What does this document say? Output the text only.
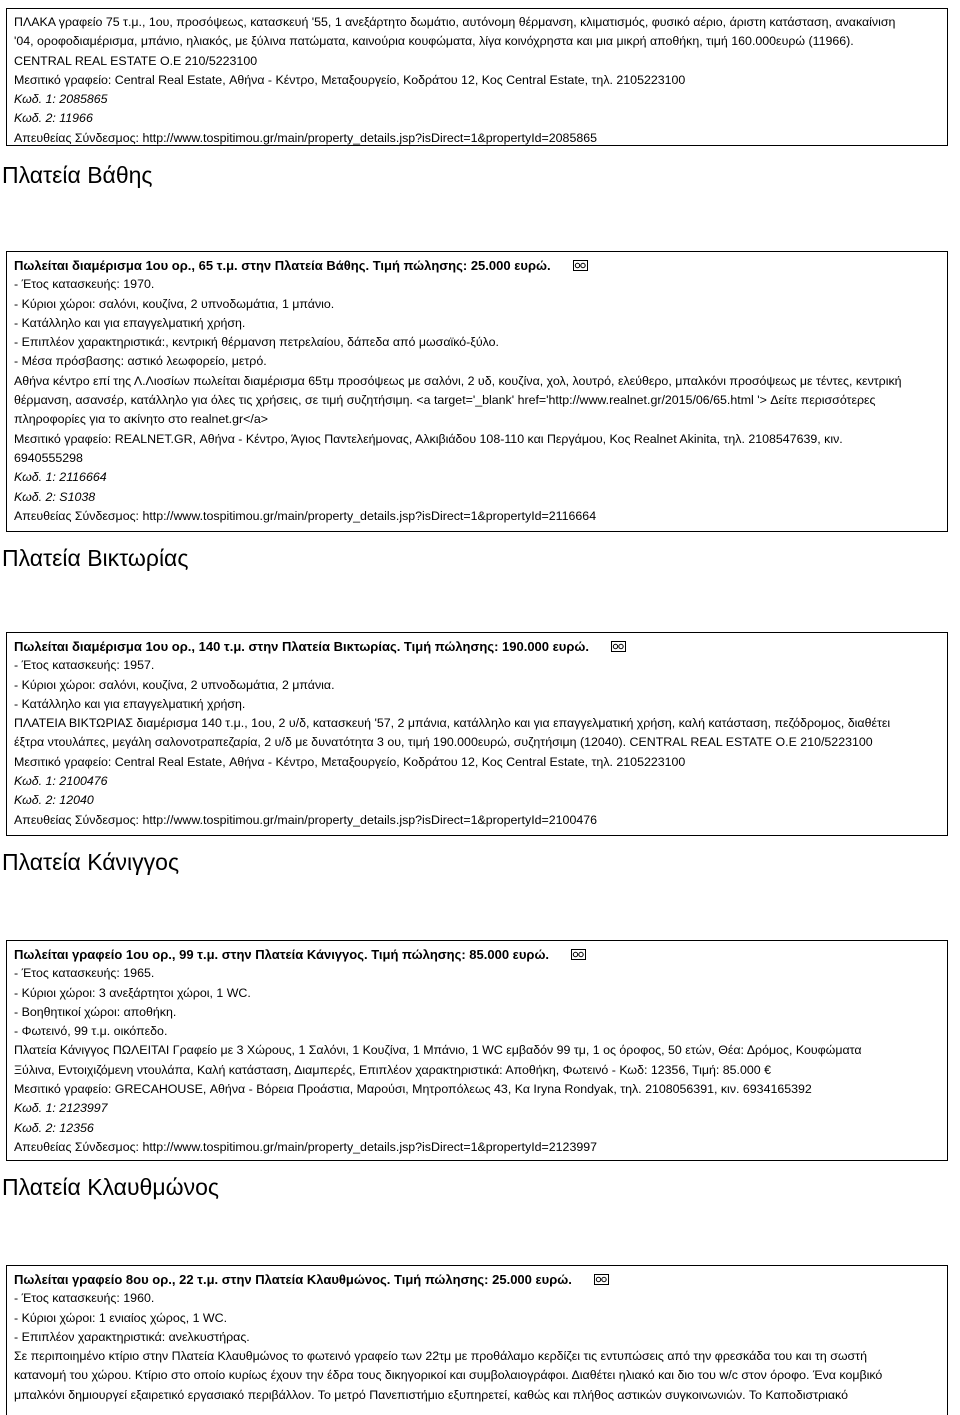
ΠΛΑΚΑ γραφείο 75 τ.μ., 1ου, προσόψεως, κατασκευή '55, 1 ανεξάρτητο δωμάτιο, αυτόνομη θέρμανση, κλιματισμός, φυσικό αέριο, άριστη κατάσταση, ανακαίνιση
'04, οροφοδιαμέρισμα, μπάνιο, ηλιακός, με ξύλινα πατώματα, καινούρια κουφώματα, λίγα κοινόχρηστα και μια μικρή αποθήκη, τιμή 160.000ευρώ (11966).
CENTRAL REAL ESTATE O.E 210/5223100
Μεσιτικό γραφείο: Central Real Estate, Αθήνα - Κέντρο, Μεταξουργείο, Κοδράτου 12, Κος Central Estate, τηλ. 2105223100
Κωδ. 1: 2085865
Κωδ. 2: 11966
Απευθείας Σύνδεσμος: http://www.tospitimou.gr/main/property_details.jsp?isDirect=1&propertyId=2085865
Πλατεία Βάθης
Πωλείται διαμέρισμα 1ου ορ., 65 τ.μ. στην Πλατεία Βάθης. Τιμή πώλησης: 25.000 ευρώ.
- Έτος κατασκευής: 1970.
- Κύριοι χώροι: σαλόνι, κουζίνα, 2 υπνοδωμάτια, 1 μπάνιο.
- Κατάλληλο και για επαγγελματική χρήση.
- Επιπλέον χαρακτηριστικά:, κεντρική θέρμανση πετρελαίου, δάπεδα από μωσαϊκό-ξύλο.
- Μέσα πρόσβασης: αστικό λεωφορείο, μετρό.
Αθήνα κέντρο επί της Λ.Λιοσίων πωλείται διαμέρισμα 65τμ προσόψεως με σαλόνι, 2 υδ, κουζίνα, χολ, λουτρό, ελεύθερο, μπαλκόνι προσόψεως με τέντες, κεντρική
θέρμανση, ασανσέρ, κατάλληλο για όλες τις χρήσεις, σε τιμή συζητήσιμη. <a target='_blank' href='http://www.realnet.gr/2015/06/65.html '> Δείτε περισσότερες
πληροφορίες για το ακίνητο στο realnet.gr</a>
Μεσιτικό γραφείο: REALNET.GR, Αθήνα - Κέντρο, Άγιος Παντελεήμονας, Αλκιβιάδου 108-110 και Περγάμου, Κος Realnet Akinita, τηλ. 2108547639, κιν.
6940555298
Κωδ. 1: 2116664
Κωδ. 2: S1038
Απευθείας Σύνδεσμος: http://www.tospitimou.gr/main/property_details.jsp?isDirect=1&propertyId=2116664
Πλατεία Βικτωρίας
Πωλείται διαμέρισμα 1ου ορ., 140 τ.μ. στην Πλατεία Βικτωρίας. Τιμή πώλησης: 190.000 ευρώ.
- Έτος κατασκευής: 1957.
- Κύριοι χώροι: σαλόνι, κουζίνα, 2 υπνοδωμάτια, 2 μπάνια.
- Κατάλληλο και για επαγγελματική χρήση.
ΠΛΑΤΕΙΑ ΒΙΚΤΩΡΙΑΣ διαμέρισμα 140 τ.μ., 1ου, 2 υ/δ, κατασκευή '57, 2 μπάνια, κατάλληλο και για επαγγελματική χρήση, καλή κατάσταση, πεζόδρομος, διαθέτει
έξτρα ντουλάπες, μεγάλη σαλονοτραπεζαρία, 2 υ/δ με δυνατότητα 3 ου, τιμή 190.000ευρώ, συζητήσιμη (12040). CENTRAL REAL ESTATE O.E 210/5223100
Μεσιτικό γραφείο: Central Real Estate, Αθήνα - Κέντρο, Μεταξουργείο, Κοδράτου 12, Κος Central Estate, τηλ. 2105223100
Κωδ. 1: 2100476
Κωδ. 2: 12040
Απευθείας Σύνδεσμος: http://www.tospitimou.gr/main/property_details.jsp?isDirect=1&propertyId=2100476
Πλατεία Κάνιγγος
Πωλείται γραφείο 1ου ορ., 99 τ.μ. στην Πλατεία Κάνιγγος. Τιμή πώλησης: 85.000 ευρώ.
- Έτος κατασκευής: 1965.
- Κύριοι χώροι: 3 ανεξάρτητοι χώροι, 1 WC.
- Βοηθητικοί χώροι: αποθήκη.
- Φωτεινό, 99 τ.μ. οικόπεδο.
Πλατεία Κάνιγγος ΠΩΛΕΙΤΑΙ Γραφείο με 3 Χώρους, 1 Σαλόνι, 1 Κουζίνα, 1 Μπάνιο, 1 WC εμβαδόν 99 τμ, 1 ος όροφος, 50 ετών, Θέα: Δρόμος, Κουφώματα
Ξύλινα, Εντοιχιζόμενη ντουλάπα, Καλή κατάσταση, Διαμπερές, Επιπλέον χαρακτηριστικά: Αποθήκη, Φωτεινό - Κωδ: 12356, Τιμή: 85.000 €
Μεσιτικό γραφείο: GRECAHOUSE, Αθήνα - Βόρεια Προάστια, Μαρούσι, Μητροπόλεως 43, Κα Iryna Rondyak, τηλ. 2108056391, κιν. 6934165392
Κωδ. 1: 2123997
Κωδ. 2: 12356
Απευθείας Σύνδεσμος: http://www.tospitimou.gr/main/property_details.jsp?isDirect=1&propertyId=2123997
Πλατεία Κλαυθμώνος
Πωλείται γραφείο 8ου ορ., 22 τ.μ. στην Πλατεία Κλαυθμώνος. Τιμή πώλησης: 25.000 ευρώ.
- Έτος κατασκευής: 1960.
- Κύριοι χώροι: 1 ενιαίος χώρος, 1 WC.
- Επιπλέον χαρακτηριστικά: ανελκυστήρας.
Σε περιποιημένο κτίριο στην Πλατεία Κλαυθμώνος το φωτεινό γραφείο των 22τμ με προθάλαμο κερδίζει τις εντυπώσεις από την φρεσκάδα του και τη σωστή
κατανομή του χώρου. Κτίριο στο οποίο κυρίως έχουν την έδρα τους δικηγορικοί και συμβολαιογράφοι. Διαθέτει ηλιακό και διο του w/c στον όροφο. Ένα κομβικό
μπαλκόνι δημιουργεί εξαιρετικό εργασιακό περιβάλλον. Το μετρό Πανεπιστήμιο εξυπηρετεί, καθώς και πλήθος αστικών συγκοινωνιών. Το Καποδιστριακό
